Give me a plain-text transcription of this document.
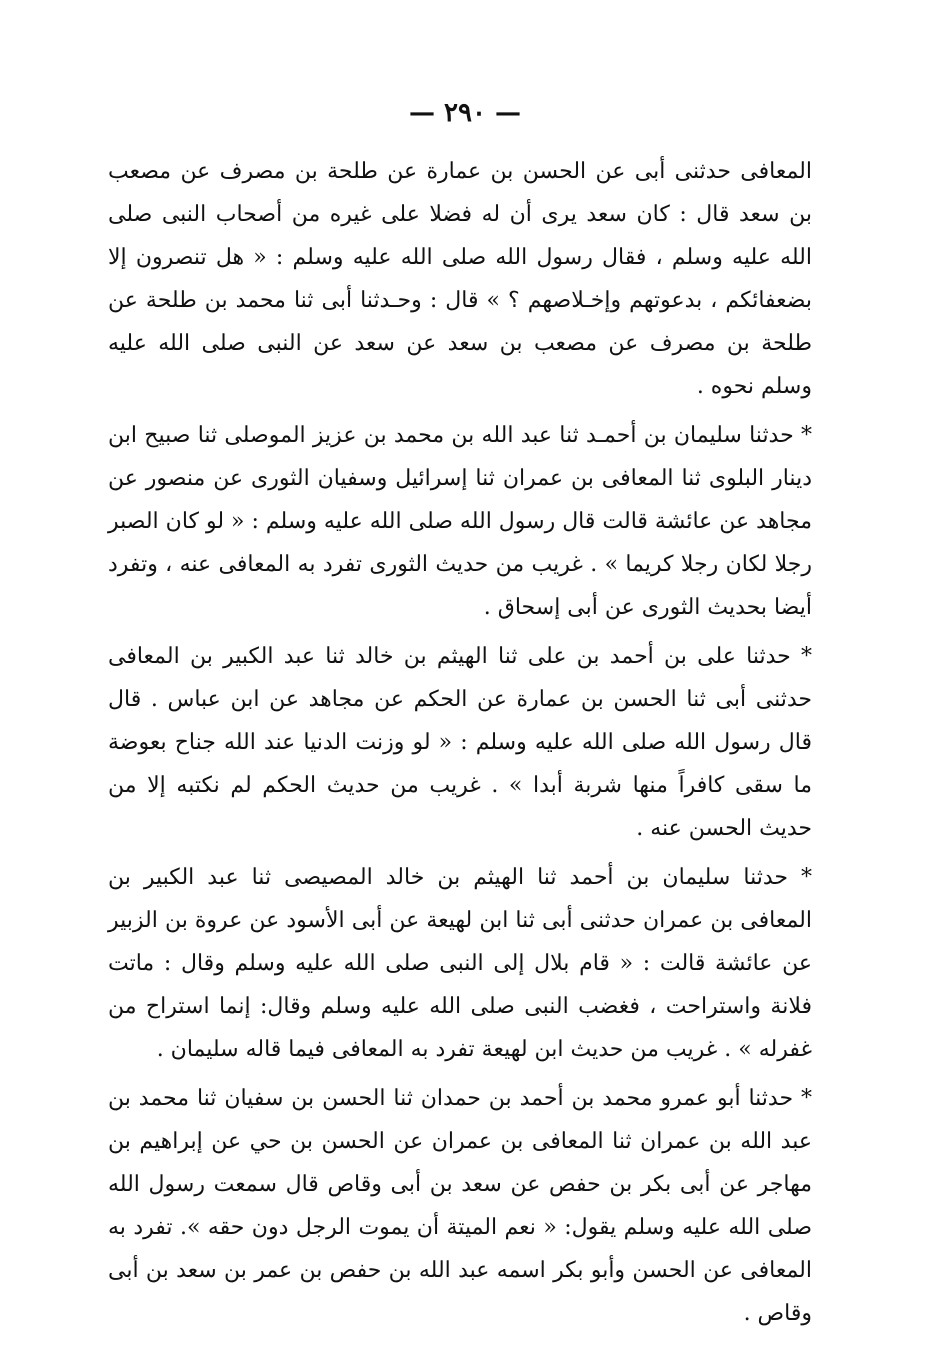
— ٢٩٠ —

المعافى حدثنى أبى عن الحسن بن عمارة عن طلحة بن مصرف عن مصعب بن سعد قال : كان سعد يرى أن له فضلا على غيره من أصحاب النبى صلى الله عليه وسلم ، فقال رسول الله صلى الله عليه وسلم : « هل تنصرون إلا بضعفائكم ، بدعوتهم وإخـلاصهم ؟ » قال : وحـدثنا أبى ثنا محمد بن طلحة عن طلحة بن مصرف عن مصعب بن سعد عن سعد عن النبى صلى الله عليه وسلم نحوه .

* حدثنا سليمان بن أحمـد ثنا عبد الله بن محمد بن عزيز الموصلى ثنا صبيح ابن دينار البلوى ثنا المعافى بن عمران ثنا إسرائيل وسفيان الثورى عن منصور عن مجاهد عن عائشة قالت قال رسول الله صلى الله عليه وسلم : « لو كان الصبر رجلا لكان رجلا كريما » . غريب من حديث الثورى تفرد به المعافى عنه ، وتفرد أيضا بحديث الثورى عن أبى إسحاق .

* حدثنا على بن أحمد بن على ثنا الهيثم بن خالد ثنا عبد الكبير بن المعافى حدثنى أبى ثنا الحسن بن عمارة عن الحكم عن مجاهد عن ابن عباس . قال قال رسول الله صلى الله عليه وسلم : « لو وزنت الدنيا عند الله جناح بعوضة ما سقى كافراً منها شربة أبدا » . غريب من حديث الحكم لم نكتبه إلا من حديث الحسن عنه .

* حدثنا سليمان بن أحمد ثنا الهيثم بن خالد المصيصى ثنا عبد الكبير بن المعافى بن عمران حدثنى أبى ثنا ابن لهيعة عن أبى الأسود عن عروة بن الزبير عن عائشة قالت : « قام بلال إلى النبى صلى الله عليه وسلم وقال : ماتت فلانة واستراحت ، فغضب النبى صلى الله عليه وسلم وقال: إنما استراح من غفرله » . غريب من حديث ابن لهيعة تفرد به المعافى فيما قاله سليمان .

* حدثنا أبو عمرو محمد بن أحمد بن حمدان ثنا الحسن بن سفيان ثنا محمد بن عبد الله بن عمران ثنا المعافى بن عمران عن الحسن بن حي عن إبراهيم بن مهاجر عن أبى بكر بن حفص عن سعد بن أبى وقاص قال سمعت رسول الله صلى الله عليه وسلم يقول: « نعم الميتة أن يموت الرجل دون حقه ». تفرد به المعافى عن الحسن وأبو بكر اسمه عبد الله بن حفص بن عمر بن سعد بن أبى وقاص .
